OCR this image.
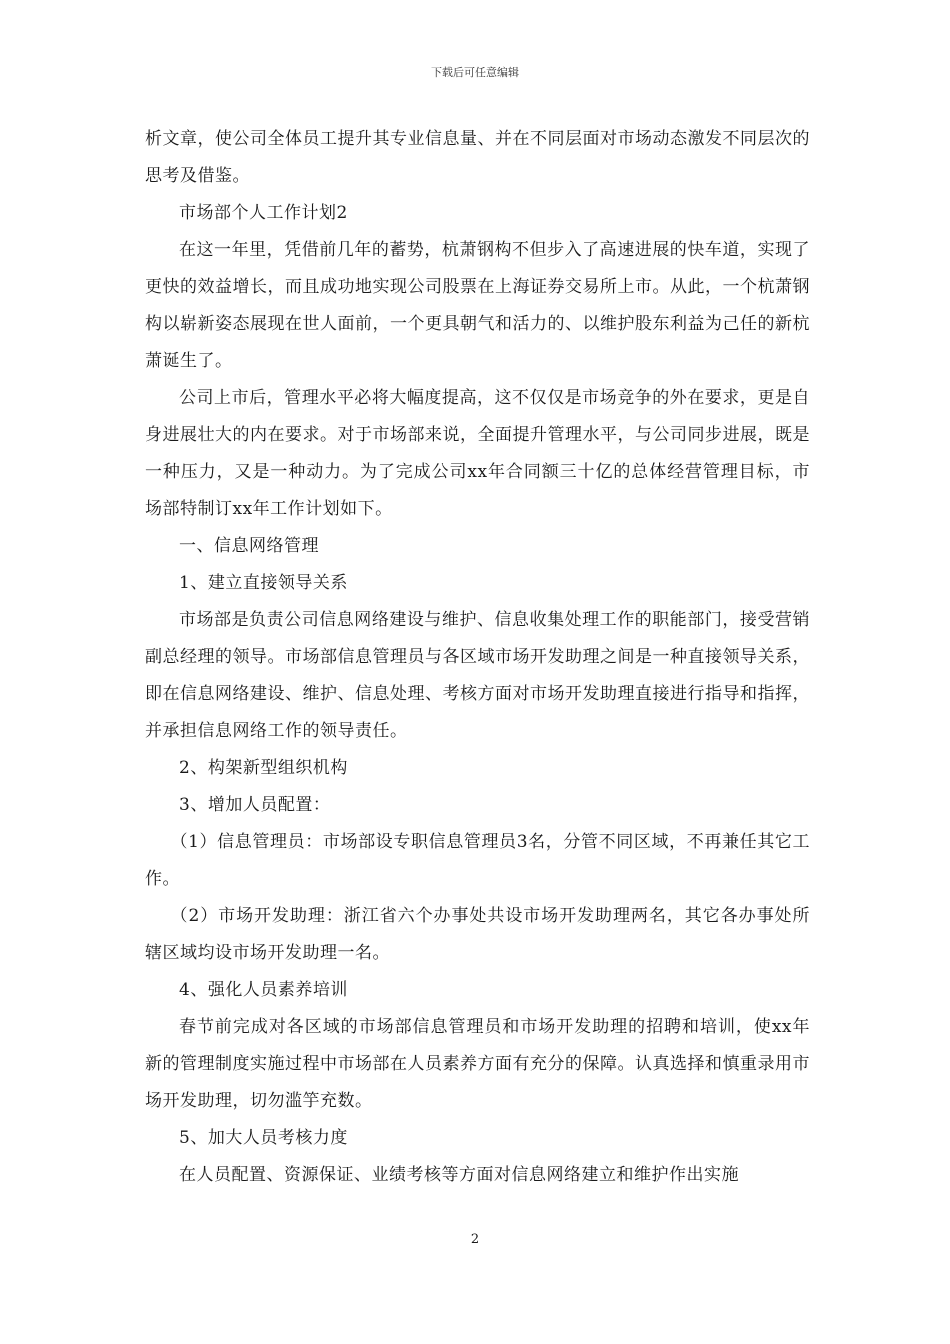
下载后可任意编辑

析文章，使公司全体员工提升其专业信息量、并在不同层面对市场动态激发不同层次的思考及借鉴。

市场部个人工作计划2

在这一年里，凭借前几年的蓄势，杭萧钢构不但步入了高速进展的快车道，实现了更快的效益增长，而且成功地实现公司股票在上海证券交易所上市。从此，一个杭萧钢构以崭新姿态展现在世人面前，一个更具朝气和活力的、以维护股东利益为己任的新杭萧诞生了。

公司上市后，管理水平必将大幅度提高，这不仅仅是市场竞争的外在要求，更是自身进展壮大的内在要求。对于市场部来说，全面提升管理水平，与公司同步进展，既是一种压力，又是一种动力。为了完成公司xx年合同额三十亿的总体经营管理目标，市场部特制订xx年工作计划如下。

一、信息网络管理

1、建立直接领导关系

市场部是负责公司信息网络建设与维护、信息收集处理工作的职能部门，接受营销副总经理的领导。市场部信息管理员与各区域市场开发助理之间是一种直接领导关系，即在信息网络建设、维护、信息处理、考核方面对市场开发助理直接进行指导和指挥，并承担信息网络工作的领导责任。

2、构架新型组织机构

3、增加人员配置：

（1）信息管理员：市场部设专职信息管理员3名，分管不同区域，不再兼任其它工作。

（2）市场开发助理：浙江省六个办事处共设市场开发助理两名，其它各办事处所辖区域均设市场开发助理一名。

4、强化人员素养培训

春节前完成对各区域的市场部信息管理员和市场开发助理的招聘和培训，使xx年新的管理制度实施过程中市场部在人员素养方面有充分的保障。认真选择和慎重录用市场开发助理，切勿滥竽充数。

5、加大人员考核力度

在人员配置、资源保证、业绩考核等方面对信息网络建立和维护作出实施

2
